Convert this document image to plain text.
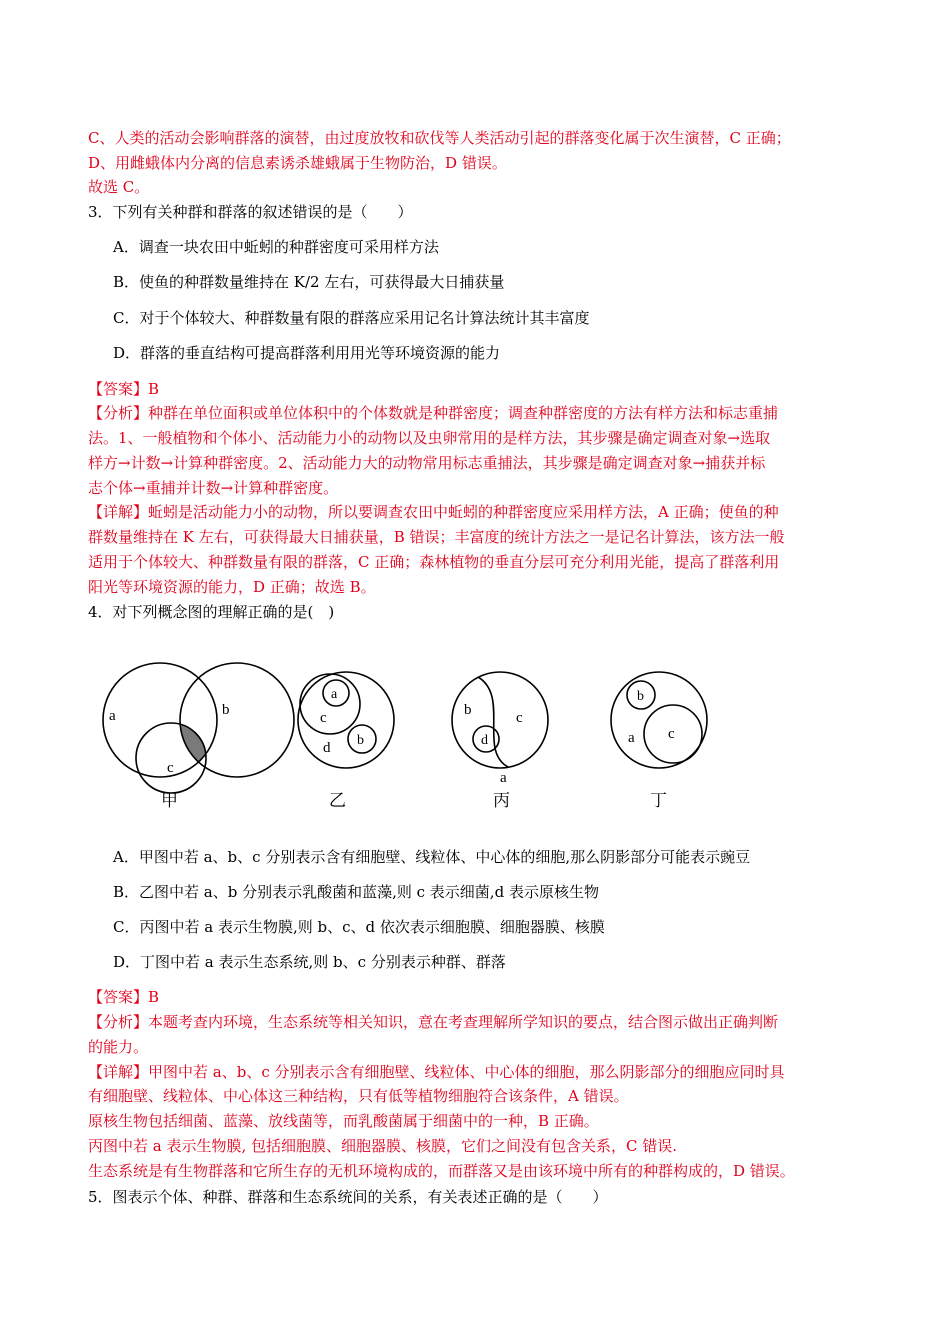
C、人类的活动会影响群落的演替，由过度放牧和砍伐等人类活动引起的群落变化属于次生演替，C 正确；
D、用雌蛾体内分离的信息素诱杀雄蛾属于生物防治，D 错误。
故选 C。
3．下列有关种群和群落的叙述错误的是（　　）
A．调查一块农田中蚯蚓的种群密度可采用样方法
B．使鱼的种群数量维持在 K/2 左右，可获得最大日捕获量
C．对于个体较大、种群数量有限的群落应采用记名计算法统计其丰富度
D．群落的垂直结构可提高群落利用用光等环境资源的能力
【答案】B
【分析】种群在单位面积或单位体积中的个体数就是种群密度；调查种群密度的方法有样方法和标志重捕
法。1、一般植物和个体小、活动能力小的动物以及虫卵常用的是样方法，其步骤是确定调查对象→选取
样方→计数→计算种群密度。2、活动能力大的动物常用标志重捕法，其步骤是确定调查对象→捕获并标
志个体→重捕并计数→计算种群密度。
【详解】蚯蚓是活动能力小的动物，所以要调查农田中蚯蚓的种群密度应采用样方法，A 正确；使鱼的种
群数量维持在 K 左右，可获得最大日捕获量，B 错误；丰富度的统计方法之一是记名计算法，该方法一般
适用于个体较大、种群数量有限的群落，C 正确；森林植物的垂直分层可充分利用光能，提高了群落利用
阳光等环境资源的能力，D 正确；故选 B。
4．对下列概念图的理解正确的是(　)
a	b
c
甲
a
c
d b
乙
b	c
d
a
丙
b
a c
丁
A．甲图中若 a、b、c 分别表示含有细胞壁、线粒体、中心体的细胞,那么阴影部分可能表示豌豆
B．乙图中若 a、b 分别表示乳酸菌和蓝藻,则 c 表示细菌,d 表示原核生物
C．丙图中若 a 表示生物膜,则 b、c、d 依次表示细胞膜、细胞器膜、核膜
D．丁图中若 a 表示生态系统,则 b、c 分别表示种群、群落
【答案】B
【分析】本题考查内环境，生态系统等相关知识，意在考查理解所学知识的要点，结合图示做出正确判断
的能力。
【详解】甲图中若 a、b、c 分别表示含有细胞壁、线粒体、中心体的细胞，那么阴影部分的细胞应同时具
有细胞壁、线粒体、中心体这三种结构，只有低等植物细胞符合该条件，A 错误。
原核生物包括细菌、蓝藻、放线菌等，而乳酸菌属于细菌中的一种，B 正确。
丙图中若 a 表示生物膜, 包括细胞膜、细胞器膜、核膜，它们之间没有包含关系，C 错误.
生态系统是有生物群落和它所生存的无机环境构成的，而群落又是由该环境中所有的种群构成的，D 错误。
5．图表示个体、种群、群落和生态系统间的关系，有关表述正确的是（　　）
